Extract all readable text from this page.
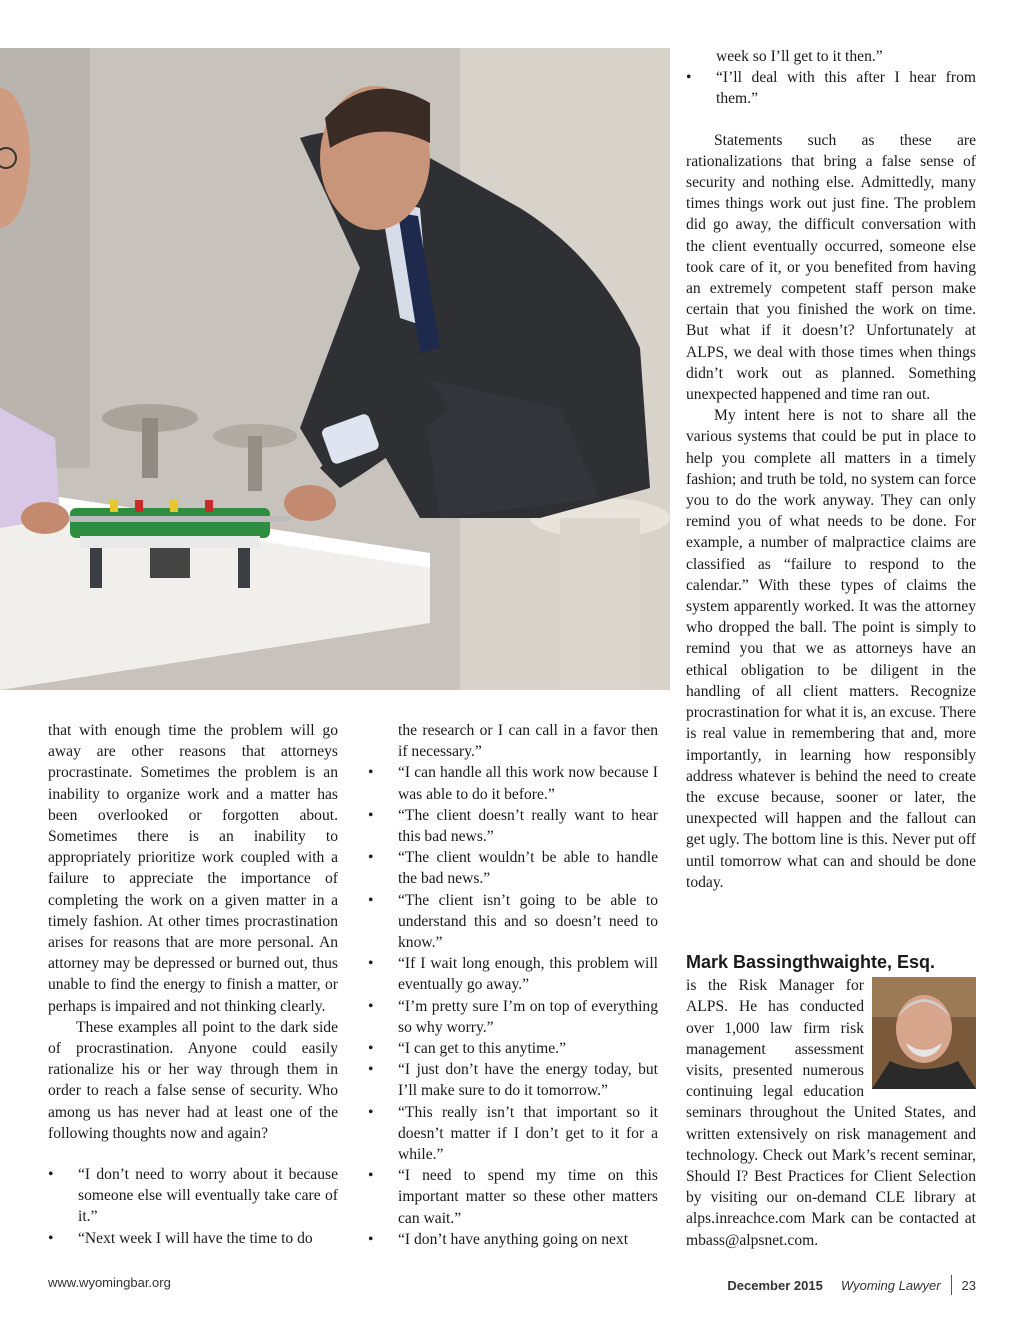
that with enough time the problem will go away are other reasons that attorneys procrastinate. Sometimes the problem is an inability to organize work and a matter has been overlooked or forgotten about. Sometimes there is an inability to appropriately prioritize work coupled with a failure to appreciate the importance of completing the work on a given matter in a timely fashion. At other times procrastination arises for reasons that are more personal. An attorney may be depressed or burned out, thus unable to find the energy to finish a matter, or perhaps is impaired and not thinking clearly.

These examples all point to the dark side of procrastination. Anyone could easily rationalize his or her way through them in order to reach a false sense of security. Who among us has never had at least one of the following thoughts now and again?

• “I don’t need to worry about it because someone else will eventually take care of it.”
• “Next week I will have the time to do
the research or I can call in a favor then if necessary.”
• “I can handle all this work now because I was able to do it before.”
• “The client doesn’t really want to hear this bad news.”
• “The client wouldn’t be able to handle the bad news.”
• “The client isn’t going to be able to understand this and so doesn’t need to know.”
• “If I wait long enough, this problem will eventually go away.”
• “I’m pretty sure I’m on top of everything so why worry.”
• “I can get to this anytime.”
• “I just don’t have the energy today, but I’ll make sure to do it tomorrow.”
• “This really isn’t that important so it doesn’t matter if I don’t get to it for a while.”
• “I need to spend my time on this important matter so these other matters can wait.”
• “I don’t have anything going on next
week so I’ll get to it then.”
• “I’ll deal with this after I hear from them.”

Statements such as these are rationalizations that bring a false sense of security and nothing else. Admittedly, many times things work out just fine. The problem did go away, the difficult conversation with the client eventually occurred, someone else took care of it, or you benefited from having an extremely competent staff person make certain that you finished the work on time. But what if it doesn’t? Unfortunately at ALPS, we deal with those times when things didn’t work out as planned. Something unexpected happened and time ran out.

My intent here is not to share all the various systems that could be put in place to help you complete all matters in a timely fashion; and truth be told, no system can force you to do the work anyway. They can only remind you of what needs to be done. For example, a number of malpractice claims are classified as “failure to respond to the calendar.” With these types of claims the system apparently worked. It was the attorney who dropped the ball. The point is simply to remind you that we as attorneys have an ethical obligation to be diligent in the handling of all client matters. Recognize procrastination for what it is, an excuse. There is real value in remembering that and, more importantly, in learning how responsibly address whatever is behind the need to create the excuse because, sooner or later, the unexpected will happen and the fallout can get ugly. The bottom line is this. Never put off until tomorrow what can and should be done today.

Mark Bassingthwaighte, Esq.
is the Risk Manager for ALPS. He has conducted over 1,000 law firm risk management assessment visits, presented numerous continuing legal education seminars throughout the United States, and written extensively on risk management and technology. Check out Mark’s recent seminar, Should I? Best Practices for Client Selection by visiting our on-demand CLE library at alps.inreachce.com Mark can be contacted at mbass@alpsnet.com.
www.wyomingbar.org	December 2015 Wyoming Lawyer 23
